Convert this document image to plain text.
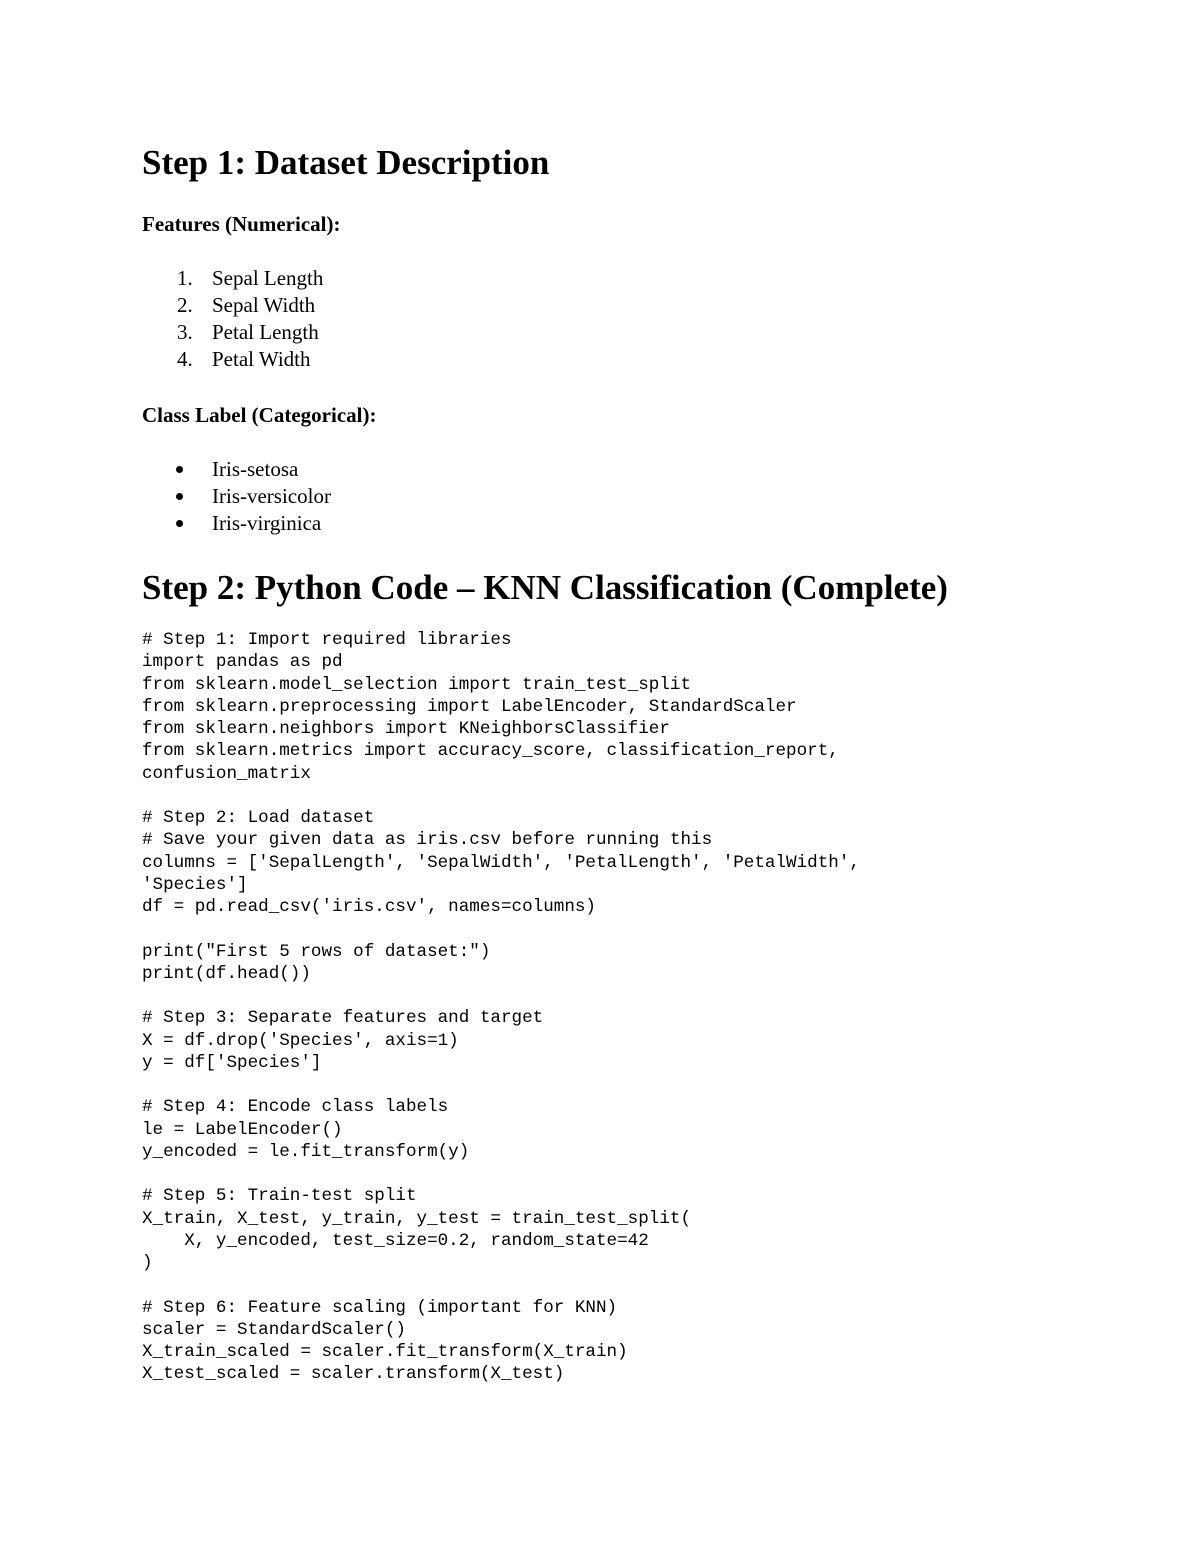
Step 1: Dataset Description
Features (Numerical):
1. Sepal Length
2. Sepal Width
3. Petal Length
4. Petal Width
Class Label (Categorical):
Iris-setosa
Iris-versicolor
Iris-virginica
Step 2: Python Code – KNN Classification (Complete)
# Step 1: Import required libraries
import pandas as pd
from sklearn.model_selection import train_test_split
from sklearn.preprocessing import LabelEncoder, StandardScaler
from sklearn.neighbors import KNeighborsClassifier
from sklearn.metrics import accuracy_score, classification_report,
confusion_matrix

# Step 2: Load dataset
# Save your given data as iris.csv before running this
columns = ['SepalLength', 'SepalWidth', 'PetalLength', 'PetalWidth',
'Species']
df = pd.read_csv('iris.csv', names=columns)

print("First 5 rows of dataset:")
print(df.head())

# Step 3: Separate features and target
X = df.drop('Species', axis=1)
y = df['Species']

# Step 4: Encode class labels
le = LabelEncoder()
y_encoded = le.fit_transform(y)

# Step 5: Train-test split
X_train, X_test, y_train, y_test = train_test_split(
X, y_encoded, test_size=0.2, random_state=42
)

# Step 6: Feature scaling (important for KNN)
scaler = StandardScaler()
X_train_scaled = scaler.fit_transform(X_train)
X_test_scaled = scaler.transform(X_test)
